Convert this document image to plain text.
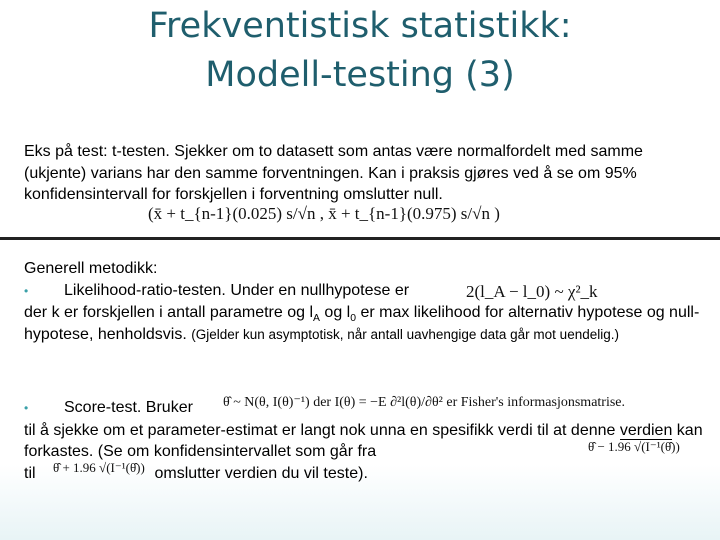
Frekventistisk statistikk:
Modell-testing (3)
Eks på test: t-testen. Sjekker om to datasett som antas være normalfordelt med samme (ukjente) varians har den samme forventningen. Kan i praksis gjøres ved å se om 95% konfidensintervall for forskjellen i forventning omslutter null.
(x̄ + t_{n-1}(0.025) s/√n , x̄ + t_{n-1}(0.975) s/√n )
Generell metodikk:
• Likelihood-ratio-testen. Under en nullhypotese er
der k er forskjellen i antall parametre og $l_A$ og $l_0$ er max likelihood for alternativ hypotese og null-hypotese, henholdsvis. (Gjelder kun asymptotisk, når antall uavhengige data går mot uendelig.)
2(l_A − l_0) ~ χ²_k
• Score-test. Bruker
til å sjekke om et parameter-estimat er langt nok unna en spesifikk verdi til at denne verdien kan forkastes. (Se om konfidensintervallet som går fra
til	omslutter verdien du vil teste).
θ̂ ~ N(θ, I(θ)⁻¹) der I(θ) = −E ∂²l(θ)/∂θ² er Fisher's informasjonsmatrise.
θ̂ − 1.96 √(I⁻¹(θ̂))
θ̂ + 1.96 √(I⁻¹(θ̂))
